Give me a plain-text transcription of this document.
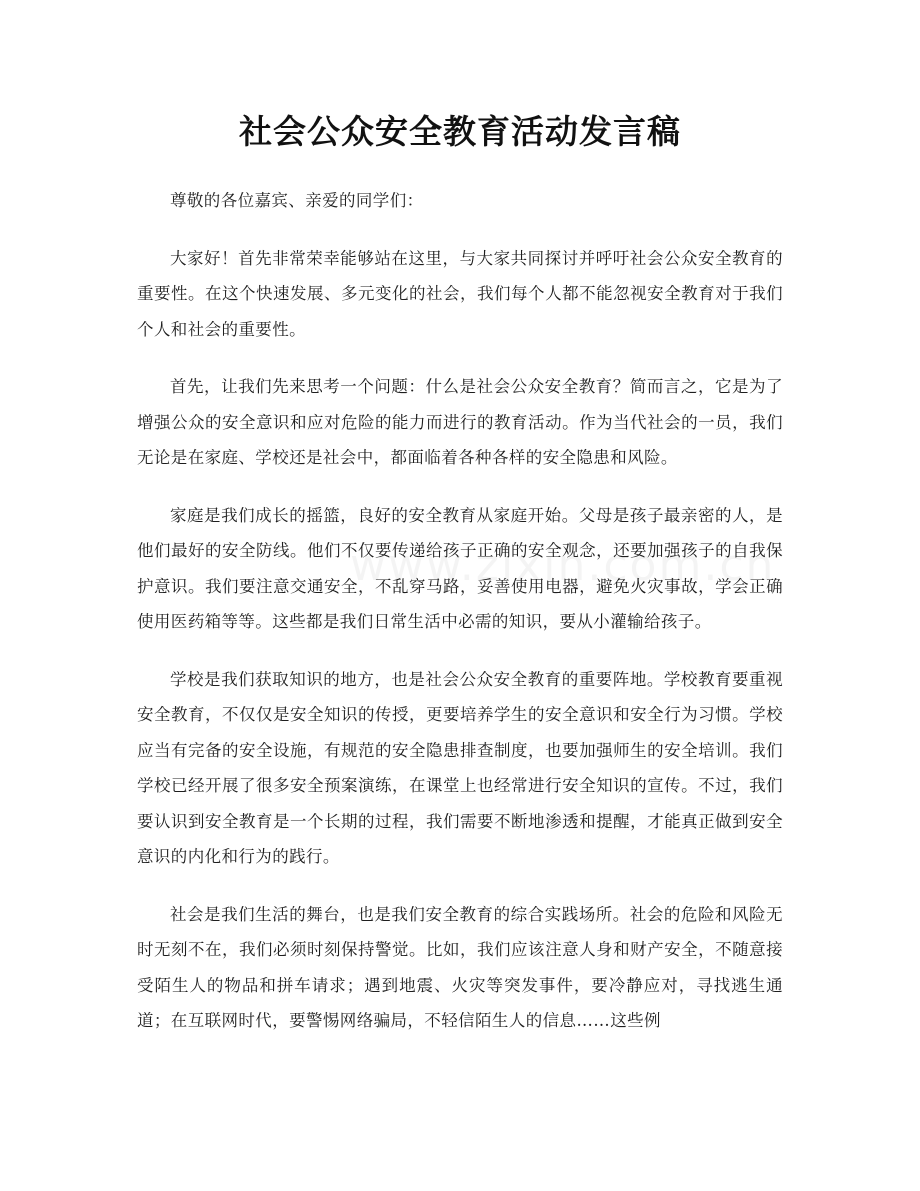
社会公众安全教育活动发言稿

尊敬的各位嘉宾、亲爱的同学们：

大家好！首先非常荣幸能够站在这里，与大家共同探讨并呼吁社会公众安全教育的重要性。在这个快速发展、多元变化的社会，我们每个人都不能忽视安全教育对于我们个人和社会的重要性。

首先，让我们先来思考一个问题：什么是社会公众安全教育？简而言之，它是为了增强公众的安全意识和应对危险的能力而进行的教育活动。作为当代社会的一员，我们无论是在家庭、学校还是社会中，都面临着各种各样的安全隐患和风险。

家庭是我们成长的摇篮，良好的安全教育从家庭开始。父母是孩子最亲密的人，是他们最好的安全防线。他们不仅要传递给孩子正确的安全观念，还要加强孩子的自我保护意识。我们要注意交通安全，不乱穿马路，妥善使用电器，避免火灾事故，学会正确使用医药箱等等。这些都是我们日常生活中必需的知识，要从小灌输给孩子。

学校是我们获取知识的地方，也是社会公众安全教育的重要阵地。学校教育要重视安全教育，不仅仅是安全知识的传授，更要培养学生的安全意识和安全行为习惯。学校应当有完备的安全设施，有规范的安全隐患排查制度，也要加强师生的安全培训。我们学校已经开展了很多安全预案演练，在课堂上也经常进行安全知识的宣传。不过，我们要认识到安全教育是一个长期的过程，我们需要不断地渗透和提醒，才能真正做到安全意识的内化和行为的践行。

社会是我们生活的舞台，也是我们安全教育的综合实践场所。社会的危险和风险无时无刻不在，我们必须时刻保持警觉。比如，我们应该注意人身和财产安全，不随意接受陌生人的物品和拼车请求；遇到地震、火灾等突发事件，要冷静应对，寻找逃生通道；在互联网时代，要警惕网络骗局，不轻信陌生人的信息……这些例
